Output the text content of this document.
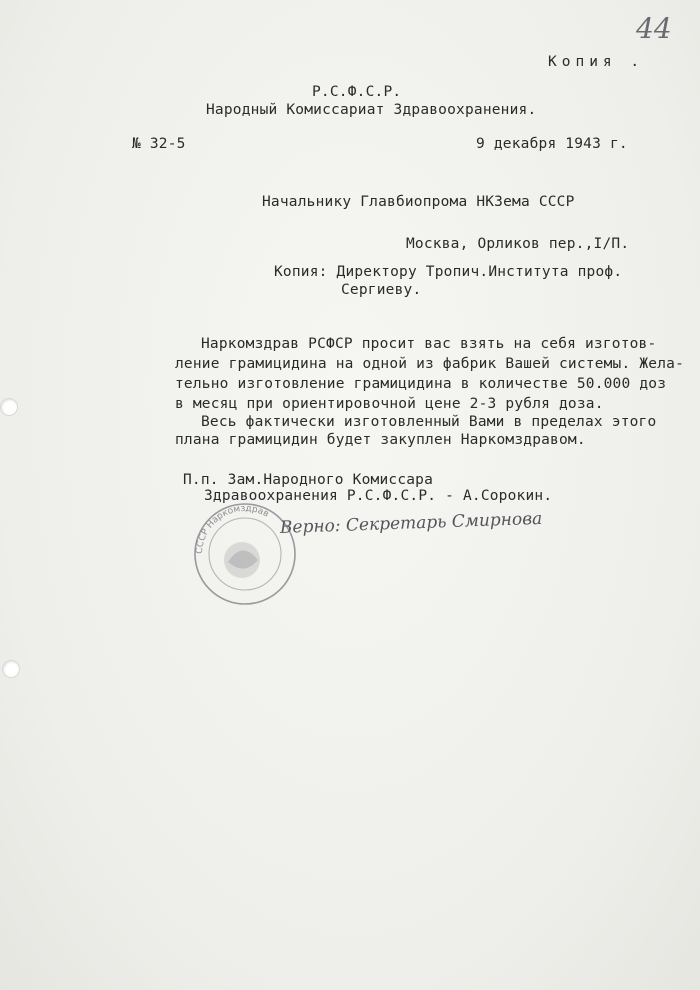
44
Копия .
Р.С.Ф.С.Р.
Народный Комиссариат Здравоохранения.
№ 32-5	9 декабря 1943 г.
Начальнику Главбиопрома НКЗема СССР
Москва, Орликов пер.,I/П.
Копия: Директору Тропич.Института проф.
Сергиеву.
Наркомздрав РСФСР просит вас взять на себя изготов-
ление грамицидина на одной из фабрик Вашей системы. Жела-
тельно изготовление грамицидина в количестве 50.000 доз
в месяц при ориентировочной цене 2-3 рубля доза.
Весь фактически изготовленный Вами в пределах этого
плана грамицидин будет закуплен Наркомздравом.
П.п. Зам.Народного Комиссара
Здравоохранения Р.С.Ф.С.Р. - А.Сорокин.
СССР Наркомздрав Верно: Секретарь Смирнова
